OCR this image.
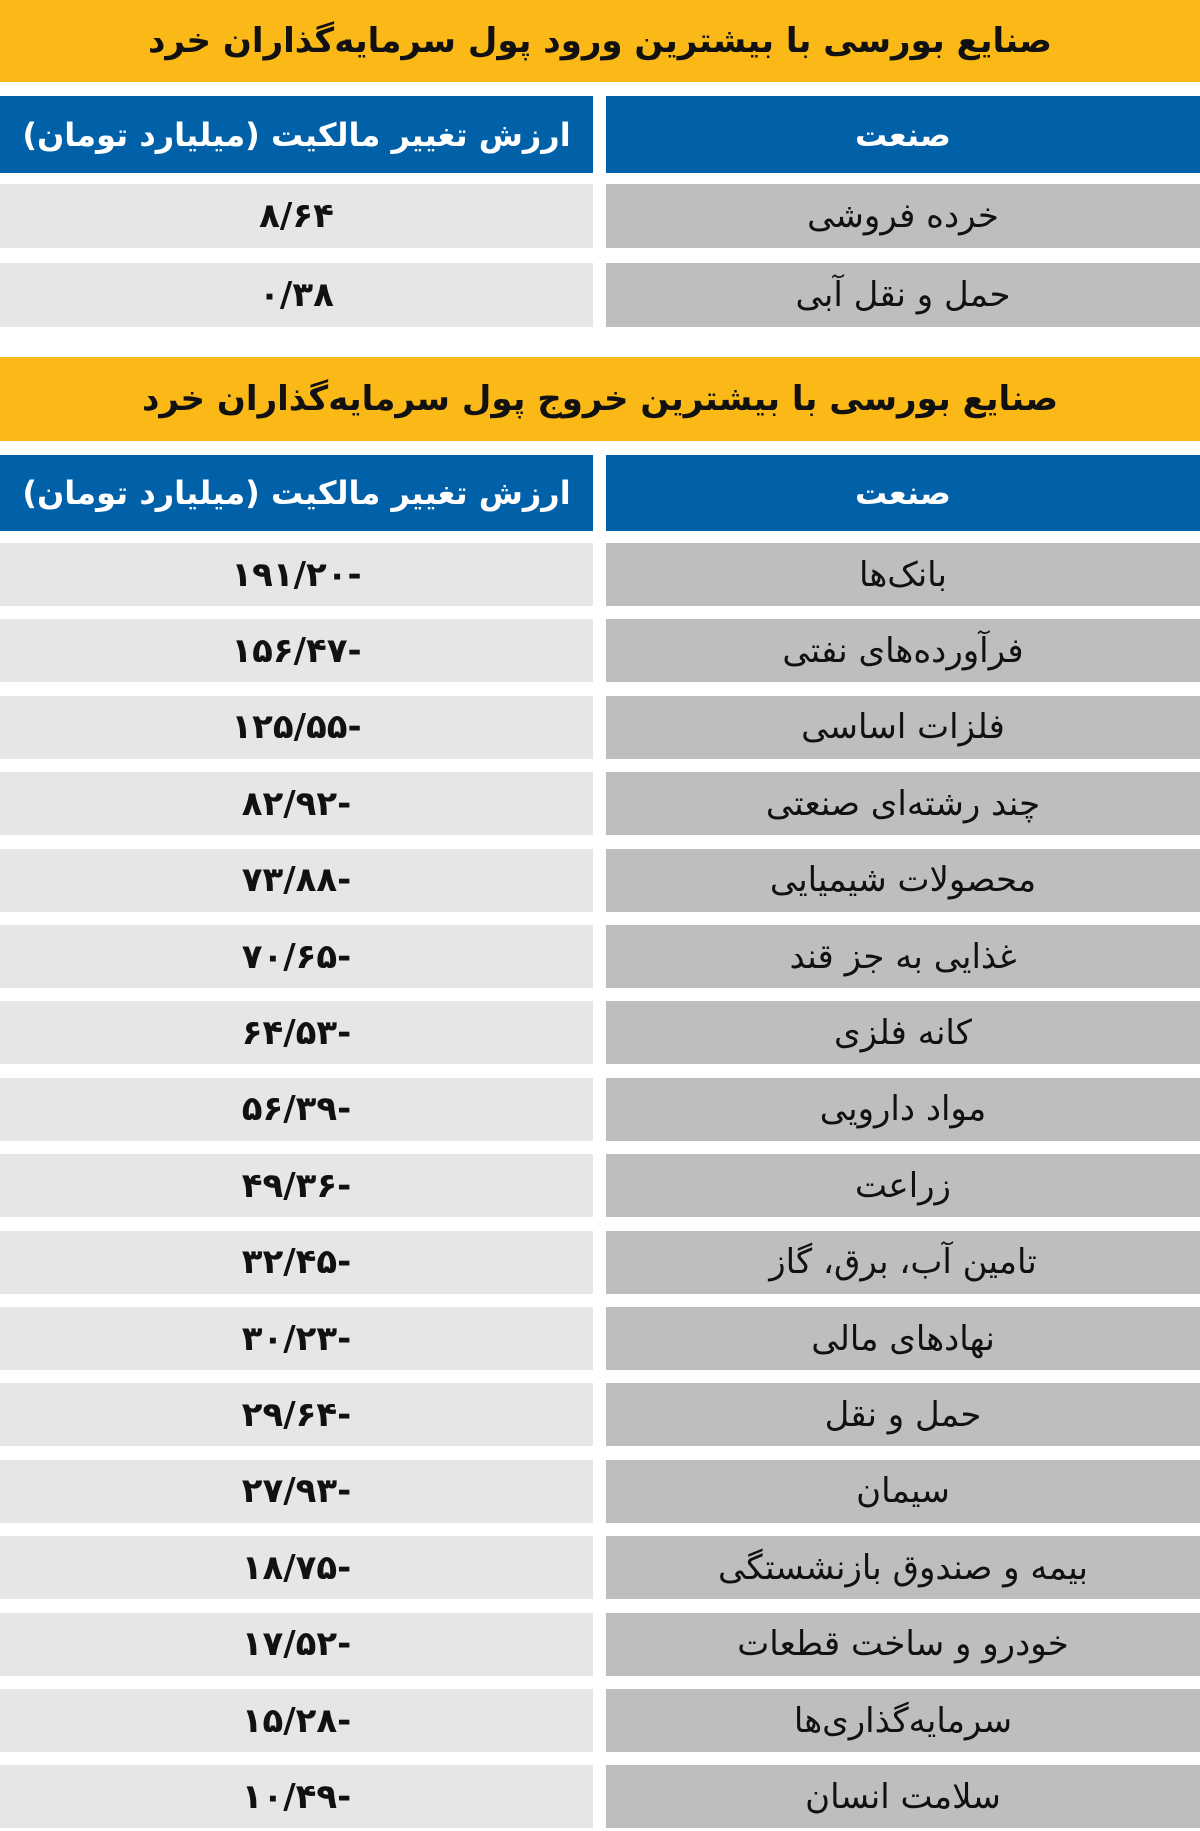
صنایع بورسی با بیشترین ورود پول سرمایه‌گذاران خرد
صنعت
ارزش تغییر مالکیت (میلیارد تومان)
خرده فروشی
۸/۶۴
حمل و نقل آبی
۰/۳۸
صنایع بورسی با بیشترین خروج پول سرمایه‌گذاران خرد
صنعت
ارزش تغییر مالکیت (میلیارد تومان)
بانک‌ها
-۱۹۱/۲۰
فرآورده‌های نفتی
-۱۵۶/۴۷
فلزات اساسی
-۱۲۵/۵۵
چند رشته‌ای صنعتی
-۸۲/۹۲
محصولات شیمیایی
-۷۳/۸۸
غذایی به جز قند
-۷۰/۶۵
کانه فلزی
-۶۴/۵۳
مواد دارویی
-۵۶/۳۹
زراعت
-۴۹/۳۶
تامین آب، برق، گاز
-۳۲/۴۵
نهادهای مالی
-۳۰/۲۳
حمل و نقل
-۲۹/۶۴
سیمان
-۲۷/۹۳
بیمه و صندوق بازنشستگی
-۱۸/۷۵
خودرو و ساخت قطعات
-۱۷/۵۲
سرمایه‌گذاری‌ها
-۱۵/۲۸
سلامت انسان
-۱۰/۴۹
